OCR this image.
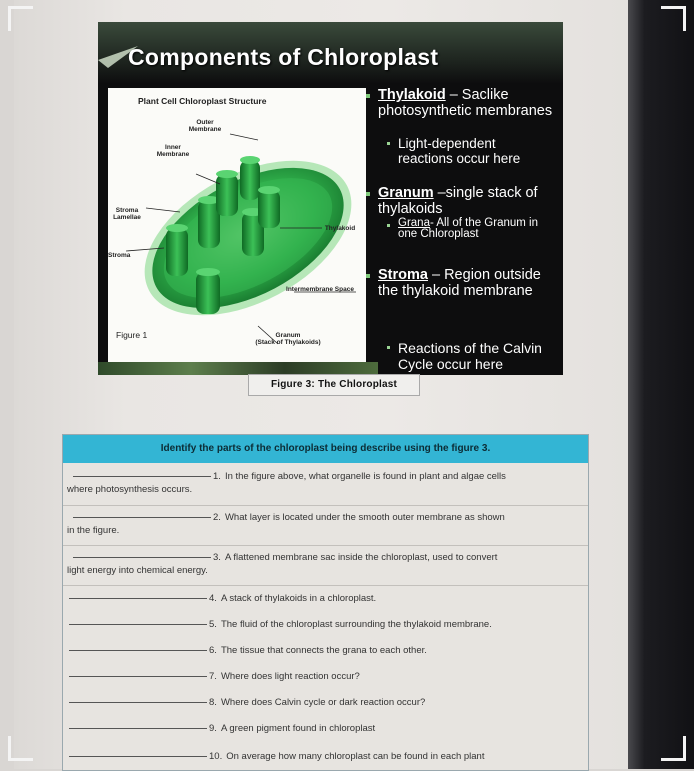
Components of Chloroplast
Plant Cell Chloroplast Structure
Outer Membrane
Inner Membrane
Stroma Lamellae
Stroma
Thylakoid
Intermembrane Space
Granum
(Stack of Thylakoids)
Figure 1
Thylakoid – Saclike photosynthetic membranes
Light-dependent reactions occur here
Granum –single stack of thylakoids
Grana- All of the Granum in one Chloroplast
Stroma – Region outside the thylakoid membrane
Reactions of the Calvin Cycle occur here
Figure 3: The Chloroplast
Identify the parts of the chloroplast being describe using the figure 3.
1. In the figure above, what organelle is found in plant and algae cells
where photosynthesis occurs.
2. What layer is located under the smooth outer membrane as shown
in the figure.
3. A flattened membrane sac inside the chloroplast, used to convert
light energy into chemical energy.
4. A stack of thylakoids in a chloroplast.
5. The fluid of the chloroplast surrounding the thylakoid membrane.
6. The tissue that connects the grana to each other.
7. Where does light reaction occur?
8. Where does Calvin cycle or dark reaction occur?
9. A green pigment found in chloroplast
10. On average how many chloroplast can be found in each plant
